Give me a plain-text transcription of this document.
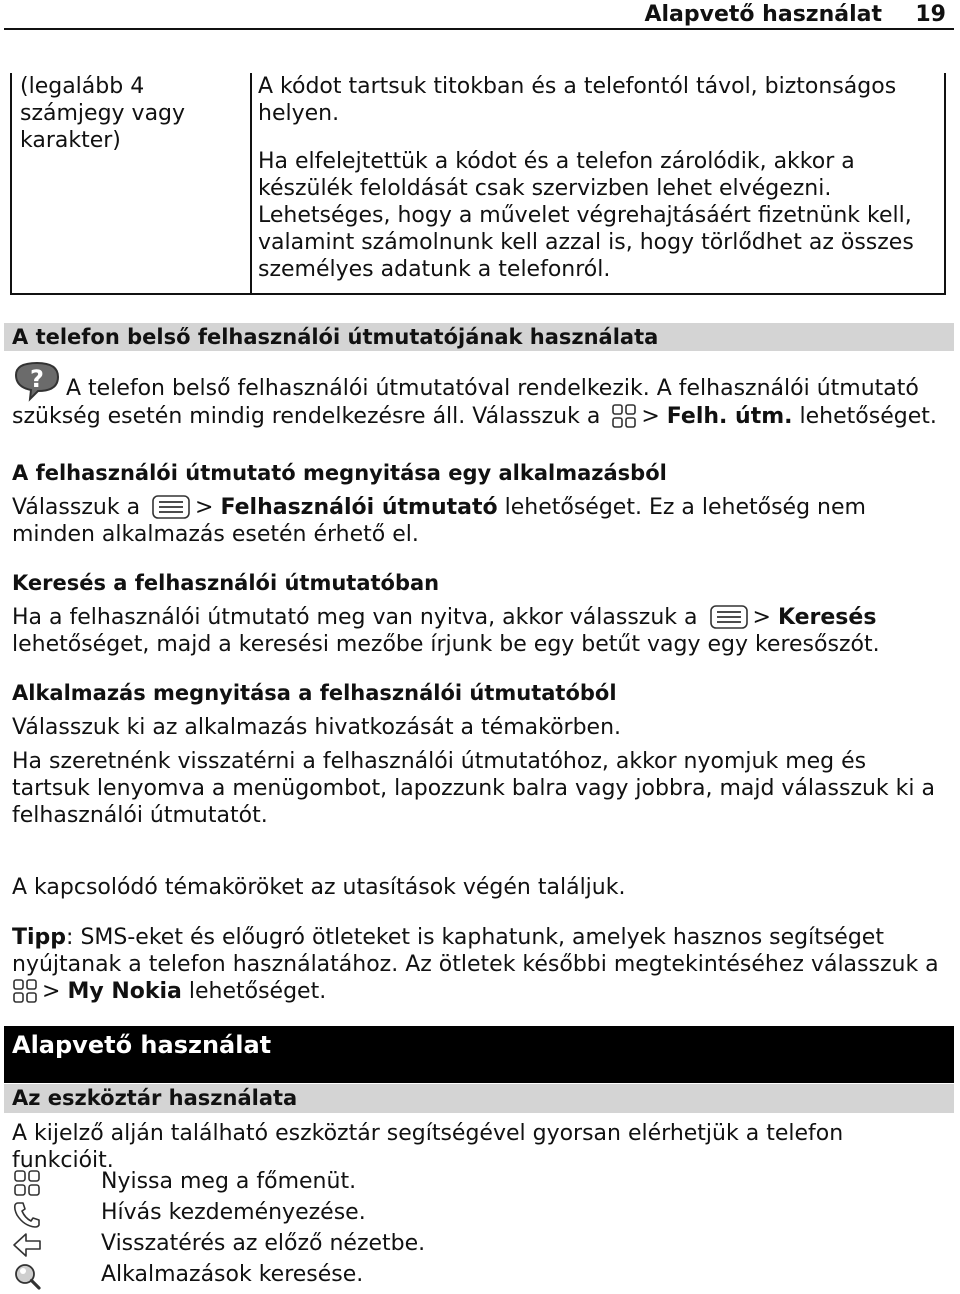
Alapvető használat 19
(legalább 4 számjegy vagy karakter)

A kódot tartsuk titokban és a telefontól távol, biztonságos helyen.

Ha elfelejtettük a kódot és a telefon zárolódik, akkor a készülék feloldását csak szervizben lehet elvégezni. Lehetséges, hogy a művelet végrehajtásáért fizetnünk kell, valamint számolnunk kell azzal is, hogy törlődhet az összes személyes adatunk a telefonról.

A telefon belső felhasználói útmutatójának használata
? A telefon belső felhasználói útmutatóval rendelkezik. A felhasználói útmutató szükség esetén mindig rendelkezésre áll. Válasszuk a > Felh. útm. lehetőséget.
A felhasználói útmutató megnyitása egy alkalmazásból
Válasszuk a	> Felhasználói útmutató lehetőséget. Ez a lehetőség nem minden alkalmazás esetén érhető el.
Keresés a felhasználói útmutatóban
Ha a felhasználói útmutató meg van nyitva, akkor válasszuk a	> Keresés lehetőséget, majd a keresési mezőbe írjunk be egy betűt vagy egy keresőszót.
Alkalmazás megnyitása a felhasználói útmutatóból
Válasszuk ki az alkalmazás hivatkozását a témakörben.
Ha szeretnénk visszatérni a felhasználói útmutatóhoz, akkor nyomjuk meg és tartsuk lenyomva a menügombot, lapozzunk balra vagy jobbra, majd válasszuk ki a felhasználói útmutatót.
A kapcsolódó témaköröket az utasítások végén találjuk.
Tipp: SMS-eket és előugró ötleteket is kaphatunk, amelyek hasznos segítséget nyújtanak a telefon használatához. Az ötletek későbbi megtekintéséhez válasszuk a > My Nokia lehetőséget.
Alapvető használat
Az eszköztár használata
A kijelző alján található eszköztár segítségével gyorsan elérhetjük a telefon funkcióit.
Nyissa meg a főmenüt.
Hívás kezdeményezése.
Visszatérés az előző nézetbe.
Alkalmazások keresése.
